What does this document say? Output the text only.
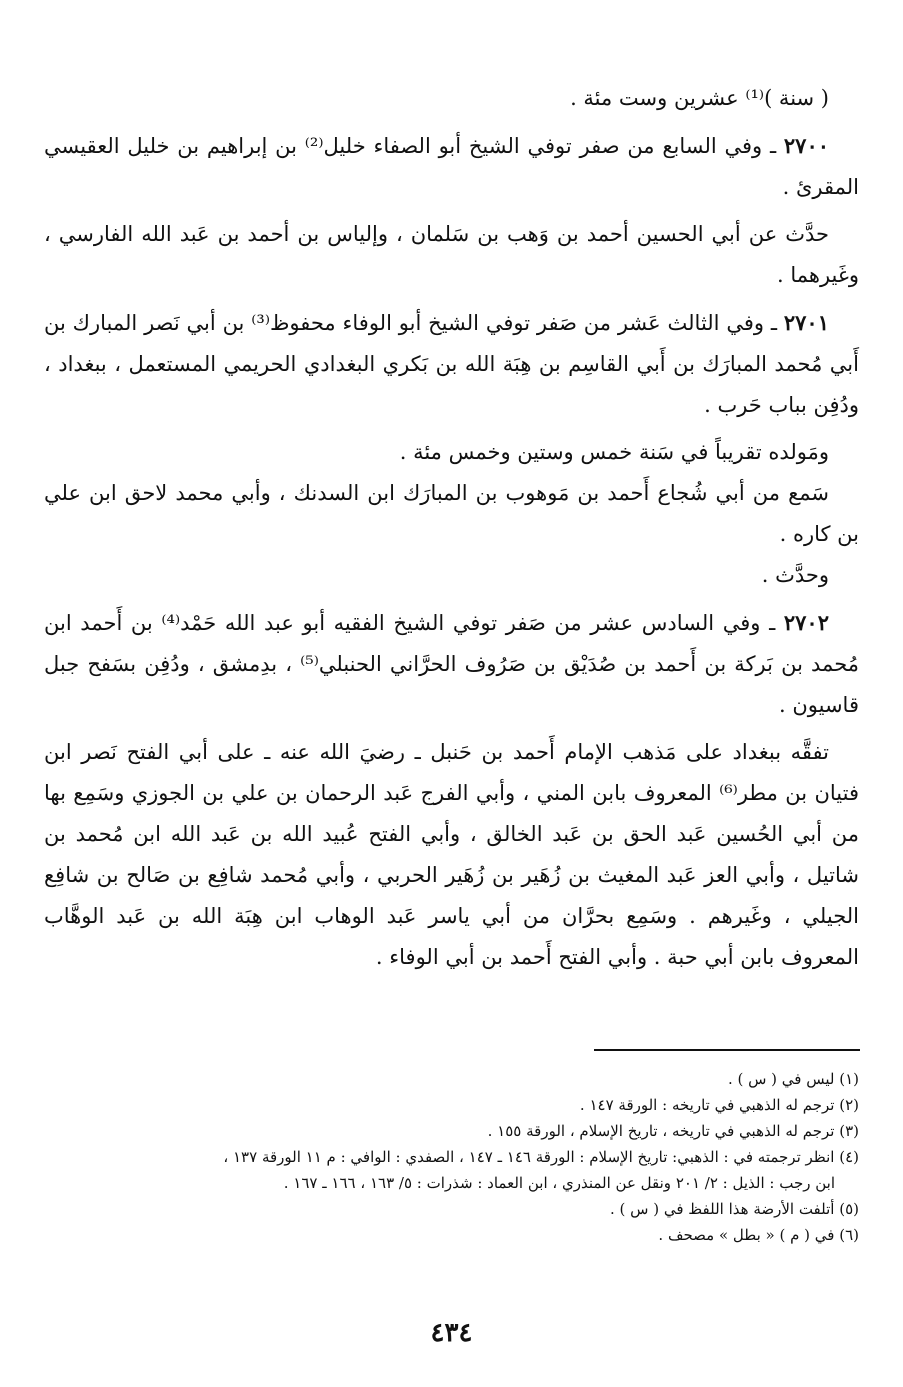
( سنة )⁽¹⁾ عشرين وست مئة .

٢٧٠٠ ـ وفي السابع من صفر توفي الشيخ أبو الصفاء خليل⁽²⁾ بن إبراهيم بن خليل العقيسي المقرئ .

حدَّث عن أبي الحسين أحمد بن وَهب بن سَلمان ، وإلياس بن أحمد بن عَبد الله الفارسي ، وغَيرهما .

٢٧٠١ ـ وفي الثالث عَشر من صَفر توفي الشيخ أبو الوفاء محفوظ⁽³⁾ بن أبي نَصر المبارك بن أَبي مُحمد المبارَك بن أَبي القاسِم بن هِبَة الله بن بَكري البغدادي الحريمي المستعمل ، ببغداد ، ودُفِن بباب حَرب .

ومَولده تقريباً في سَنة خمس وستين وخمس مئة .

سَمع من أبي شُجاع أَحمد بن مَوهوب بن المبارَك ابن السدنك ، وأبي محمد لاحق ابن علي بن كاره .

وحدَّث .

٢٧٠٢ ـ وفي السادس عشر من صَفر توفي الشيخ الفقيه أبو عبد الله حَمْد⁽⁴⁾ بن أَحمد ابن مُحمد بن بَركة بن أَحمد بن صُدَيْق بن صَرُوف الحرَّاني الحنبلي⁽⁵⁾ ، بدِمشق ، ودُفِن بسَفح جبل قاسيون .

تفقَّه ببغداد على مَذهب الإمام أَحمد بن حَنبل ـ رضيَ الله عنه ـ على أبي الفتح نَصر ابن فتيان بن مطر⁽⁶⁾ المعروف بابن المني ، وأبي الفرج عَبد الرحمان بن علي بن الجوزي وسَمِع بها من أبي الحُسين عَبد الحق بن عَبد الخالق ، وأبي الفتح عُبيد الله بن عَبد الله ابن مُحمد بن شاتيل ، وأبي العز عَبد المغيث بن زُهَير بن زُهَير الحربي ، وأبي مُحمد شافِع بن صَالح بن شافِع الجيلي ، وغَيرهم . وسَمِع بحرَّان من أبي ياسر عَبد الوهاب ابن هِبَة الله بن عَبد الوهَّاب المعروف بابن أبي حبة . وأبي الفتح أَحمد بن أبي الوفاء .

(١) ليس في ( س ) .

(٢) ترجم له الذهبي في تاريخه : الورقة ١٤٧ .

(٣) ترجم له الذهبي في تاريخه ، تاريخ الإسلام ، الورقة ١٥٥ .

(٤) انظر ترجمته في : الذهبي: تاريخ الإسلام : الورقة ١٤٦ ـ ١٤٧ ، الصفدي : الوافي : م ١١ الورقة ١٣٧ ،

ابن رجب : الذيل : ٢/ ٢٠١ ونقل عن المنذري ، ابن العماد : شذرات : ٥/ ١٦٣ ، ١٦٦ ـ ١٦٧ .

(٥) أتلفت الأرضة هذا اللفظ في ( س ) .

(٦) في ( م ) « بطل » مصحف .

٤٣٤
